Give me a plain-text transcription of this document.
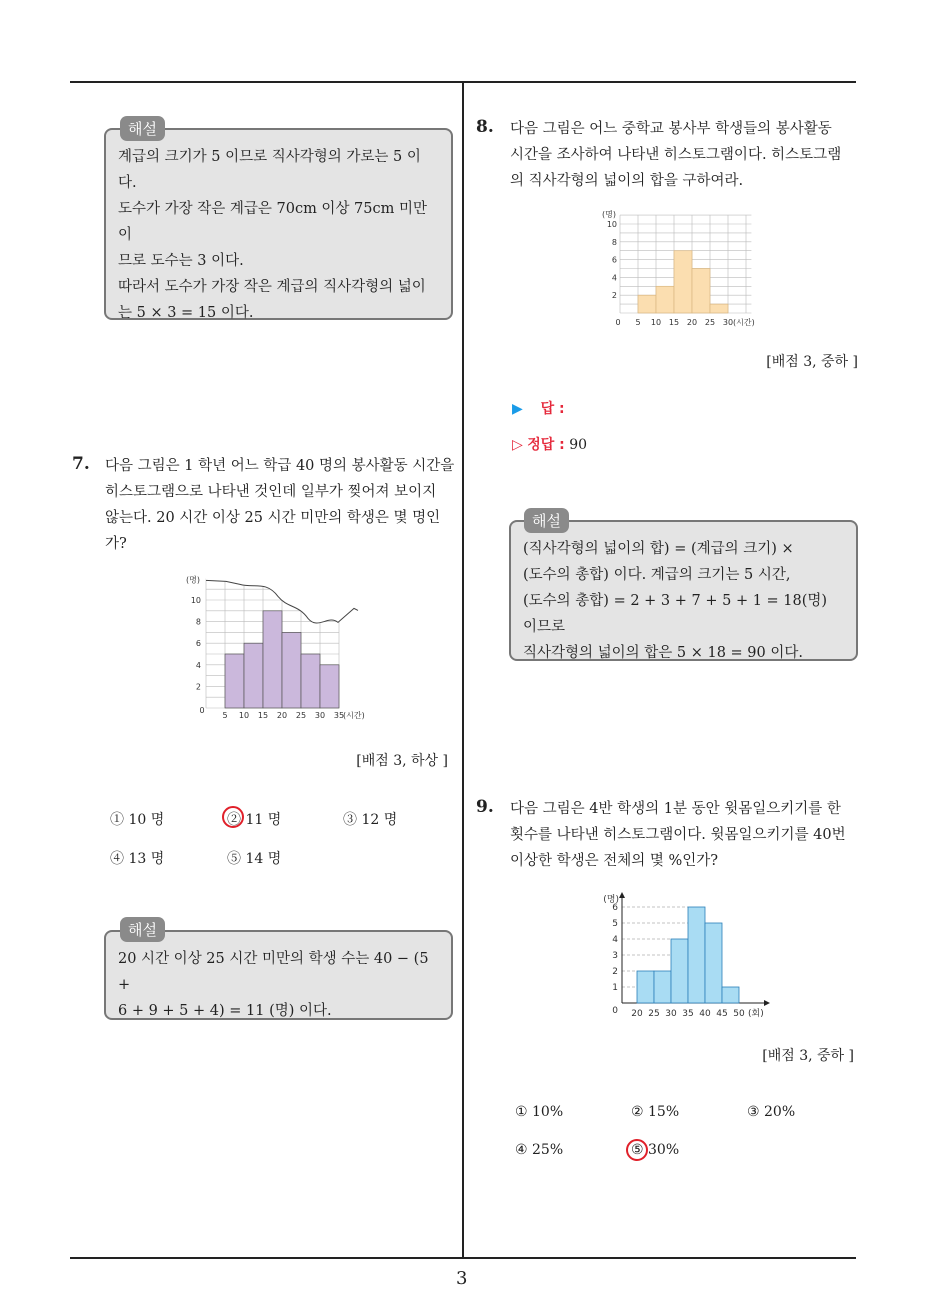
계급의 크기가 5 이므로 직사각형의 가로는 5 이
다.
도수가 가장 작은 계급은 70cm 이상 75cm 미만이
므로 도수는 3 이다.
따라서 도수가 가장 작은 계급의 직사각형의 넓이
는 5 × 3 = 15 이다.
해설
7. 다음 그림은 1 학년 어느 학급 40 명의 봉사활동 시간을
히스토그램으로 나타낸 것인데 일부가 찢어져 보이지
않는다. 20 시간 이상 25 시간 미만의 학생은 몇 명인
가?
(명)
2
4
6
8
10
0
5 10 15 20 25 30 35
(시간)
[배점 3, 하상 ]
① 10 명	② 11 명	③ 12 명
④ 13 명	⑤ 14 명
20 시간 이상 25 시간 미만의 학생 수는 40 − (5 +
6 + 9 + 5 + 4) = 11 (명) 이다.
해설
8. 다음 그림은 어느 중학교 봉사부 학생들의 봉사활동
시간을 조사하여 나타낸 히스토그램이다. 히스토그램
의 직사각형의 넓이의 합을 구하여라.
(명)
2
4
6
8
10
0 5 10 15 20 25 30 (시간)
[배점 3, 중하 ]
▶ 답 :
▷ 정답 : 90
(직사각형의 넓이의 합) = (계급의 크기) ×
(도수의 총합) 이다. 계급의 크기는 5 시간,
(도수의 총합) = 2 + 3 + 7 + 5 + 1 = 18(명) 이므로
직사각형의 넓이의 합은 5 × 18 = 90 이다.
해설
9. 다음 그림은 4반 학생의 1분 동안 윗몸일으키기를 한
횟수를 나타낸 히스토그램이다. 윗몸일으키기를 40번
이상한 학생은 전체의 몇 %인가?
(명)
0
1
2
3
4
5
6
20 25 30 35 40 45 50 (회)
[배점 3, 중하 ]
① 10%	② 15%	③ 20%
④ 25%	⑤ 30%
3
